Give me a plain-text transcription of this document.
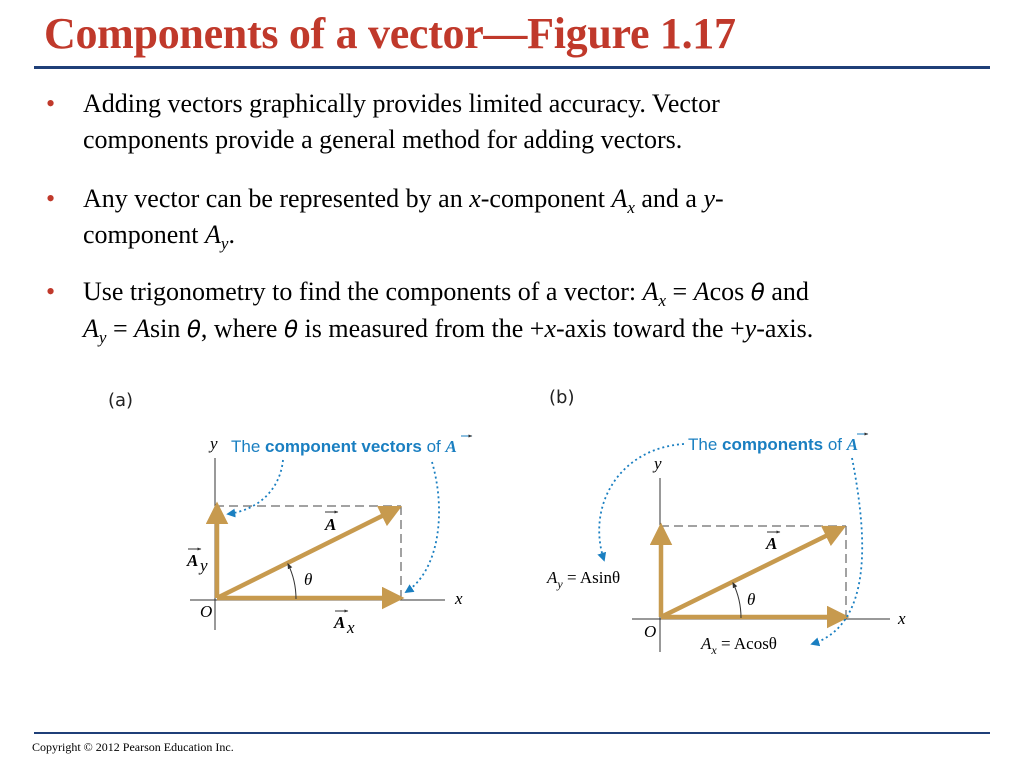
Components of a vector—Figure 1.17
• Adding vectors graphically provides limited accuracy. Vector
components provide a general method for adding vectors.
• Any vector can be represented by an x-component $A_x$ and a y-
component $A_y$.
• Use trigonometry to find the components of a vector: $A_x = Acos$ θ and
$A_y = Asin$ θ, where θ is measured from the +x-axis toward the +y-axis.
(a)
y
x
O
θ
A
A y
A x
The component vectors of A
(b)
y
x
O
θ
A
$A_y = Asin\theta$
$A_x = Acos\theta$
The components of A
Copyright © 2012 Pearson Education Inc.
